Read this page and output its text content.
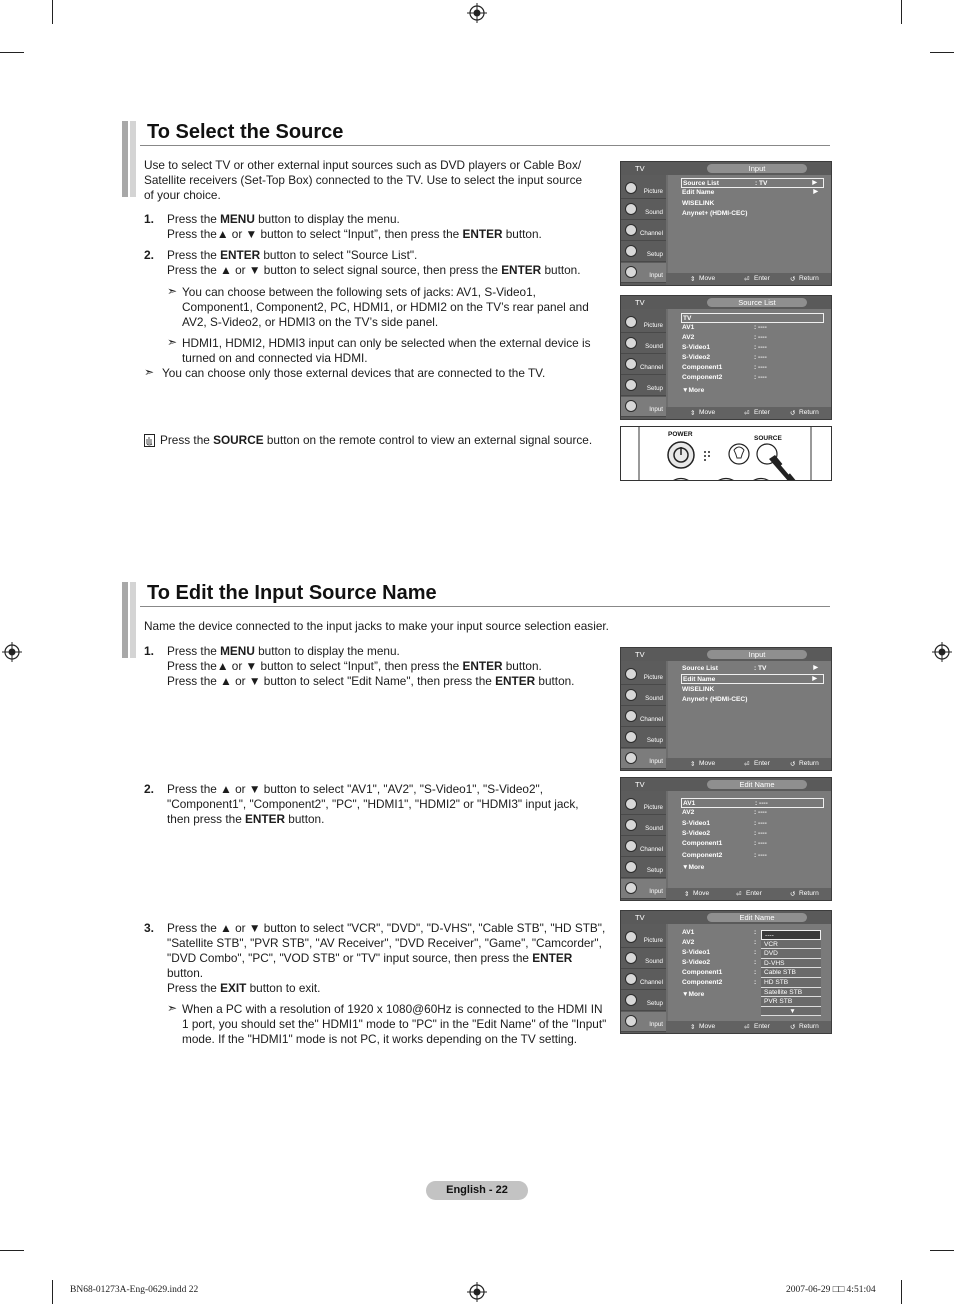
To Select the Source
Use to select TV or other external input sources such as DVD players or Cable Box/ Satellite receivers (Set-Top Box) connected to the TV. Use to select the input source of your choice.
1. Press the MENU button to display the menu.
Press the▲ or ▼ button to select “Input”, then press the ENTER button.
2. Press the ENTER button to select "Source List".
Press the ▲ or ▼ button to select signal source, then press the ENTER button.
➣ You can choose between the following sets of jacks: AV1, S-Video1, Component1, Component2, PC, HDMI1, or HDMI2 on the TV’s rear panel and AV2, S-Video2, or HDMI3 on the TV’s side panel.
➣ HDMI1, HDMI2, HDMI3 input can only be selected when the external device is turned on and connected via HDMI.
➣ You can choose only those external devices that are connected to the TV.
Press the SOURCE button on the remote control to view an external signal source.
TV	Input
Picture
Sound
Channel
Setup
Input
Source List	: TV	▶
Edit Name	▶
WISELINK
Anynet+ (HDMI-CEC)
⇕ Move	⏎ Enter	↺ Return
TV	Source List
Picture
Sound
Channel
Setup
Input
TV
AV1	: ----
AV2	: ----
S-Video1	: ----
S-Video2	: ----
Component1	: ----
Component2	: ----
▼More
⇕ Move	⏎ Enter	↺ Return
POWER
SOURCE
To Edit the Input Source Name
Name the device connected to the input jacks to make your input source selection easier.
1. Press the MENU button to display the menu.
Press the▲ or ▼ button to select “Input”, then press the ENTER button.
Press the ▲ or ▼ button to select "Edit Name", then press the ENTER button.
2. Press the ▲ or ▼ button to select "AV1", "AV2", "S-Video1", "S-Video2", "Component1", "Component2", "PC", "HDMI1", "HDMI2" or "HDMI3" input jack, then press the ENTER button.
3. Press the ▲ or ▼ button to select "VCR", "DVD", "D-VHS", "Cable STB", "HD STB", "Satellite STB", "PVR STB", "AV Receiver", "DVD Receiver", "Game", "Camcorder", "DVD Combo", "PC", "VOD STB" or "TV" input source, then press the ENTER button.
Press the EXIT button to exit.
➣ When a PC with a resolution of 1920 x 1080@60Hz is connected to the HDMI IN 1 port, you should set the" HDMI1" mode to "PC" in the "Edit Name" of the "Input" mode. If the "HDMI1" mode is not PC, it works depending on the TV setting.
TV	Input
Picture
Sound
Channel
Setup
Input
Source List	: TV	▶
Edit Name	▶
WISELINK
Anynet+ (HDMI-CEC)
⇕ Move	⏎ Enter	↺ Return
TV	Edit Name
Picture
Sound
Channel
Setup
Input
AV1	: ----
AV2	: ----
S-Video1	: ----
S-Video2	: ----
Component1	: ----
Component2	: ----
▼More
⇕ Move	⏎ Enter	↺ Return
TV	Edit Name
Picture
Sound
Channel
Setup
Input
AV1	:
AV2	:
S-Video1	:
S-Video2	:
Component1	:
Component2	:
▼More
----
VCR
DVD
D-VHS
Cable STB
HD STB
Satellite STB
PVR STB
▼
⇕ Move	⏎ Enter	↺ Return
English - 22
BN68-01273A-Eng-0629.indd 22	2007-06-29 □□ 4:51:04
